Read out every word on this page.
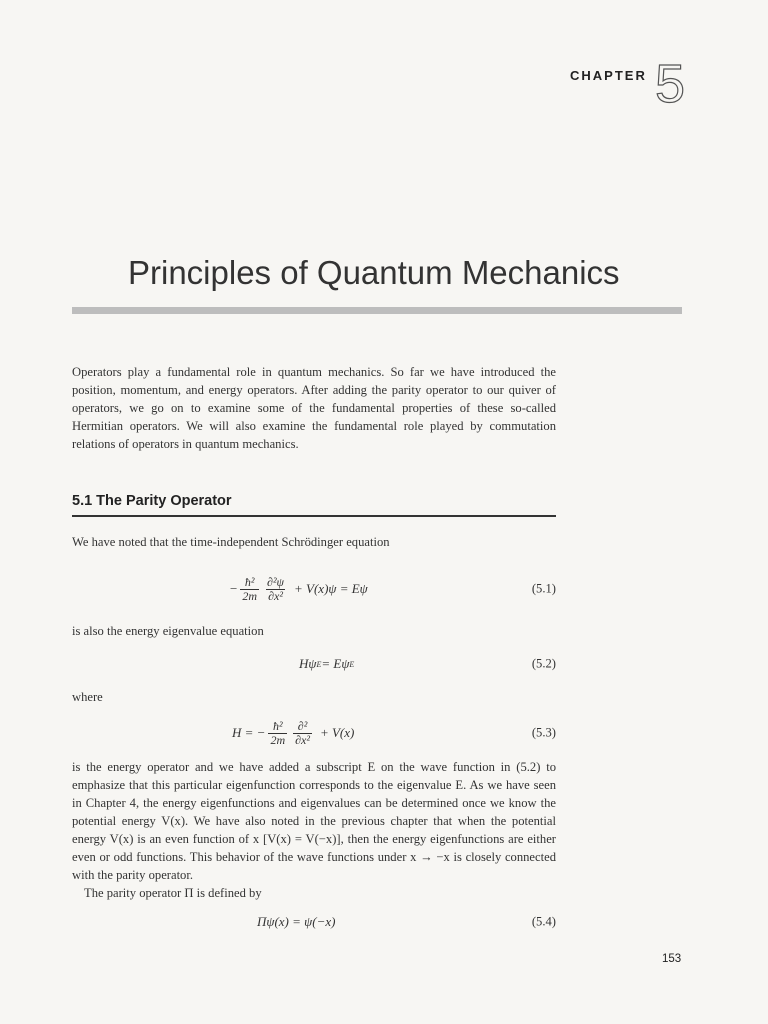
CHAPTER 5
Principles of Quantum Mechanics
Operators play a fundamental role in quantum mechanics. So far we have introduced the position, momentum, and energy operators. After adding the parity operator to our quiver of operators, we go on to examine some of the fundamental properties of these so-called Hermitian operators. We will also examine the fundamental role played by commutation relations of operators in quantum mechanics.
5.1 The Parity Operator
We have noted that the time-independent Schrödinger equation
− $\frac{\text{ħ²}}{2m} \frac{\text{∂²ψ}}{\text{∂x²}} + V(x)\psi = E\psi$	(5.1)
is also the energy eigenvalue equation
Hψ E = Eψ E	(5.2)
where
H = − $\frac{\text{ħ²}}{2m} \frac{\text{∂²}}{\text{∂x²}} + V(x)$	(5.3)
is the energy operator and we have added a subscript E on the wave function in (5.2) to emphasize that this particular eigenfunction corresponds to the eigenvalue E. As we have seen in Chapter 4, the energy eigenfunctions and eigenvalues can be determined once we know the potential energy V(x). We have also noted in the previous chapter that when the potential energy V(x) is an even function of x [V(x) = V(−x)], then the energy eigenfunctions are either even or odd functions. This behavior of the wave functions under x → −x is closely connected with the parity operator.
The parity operator Π is defined by
Πψ(x) = ψ(−x)	(5.4)
153
